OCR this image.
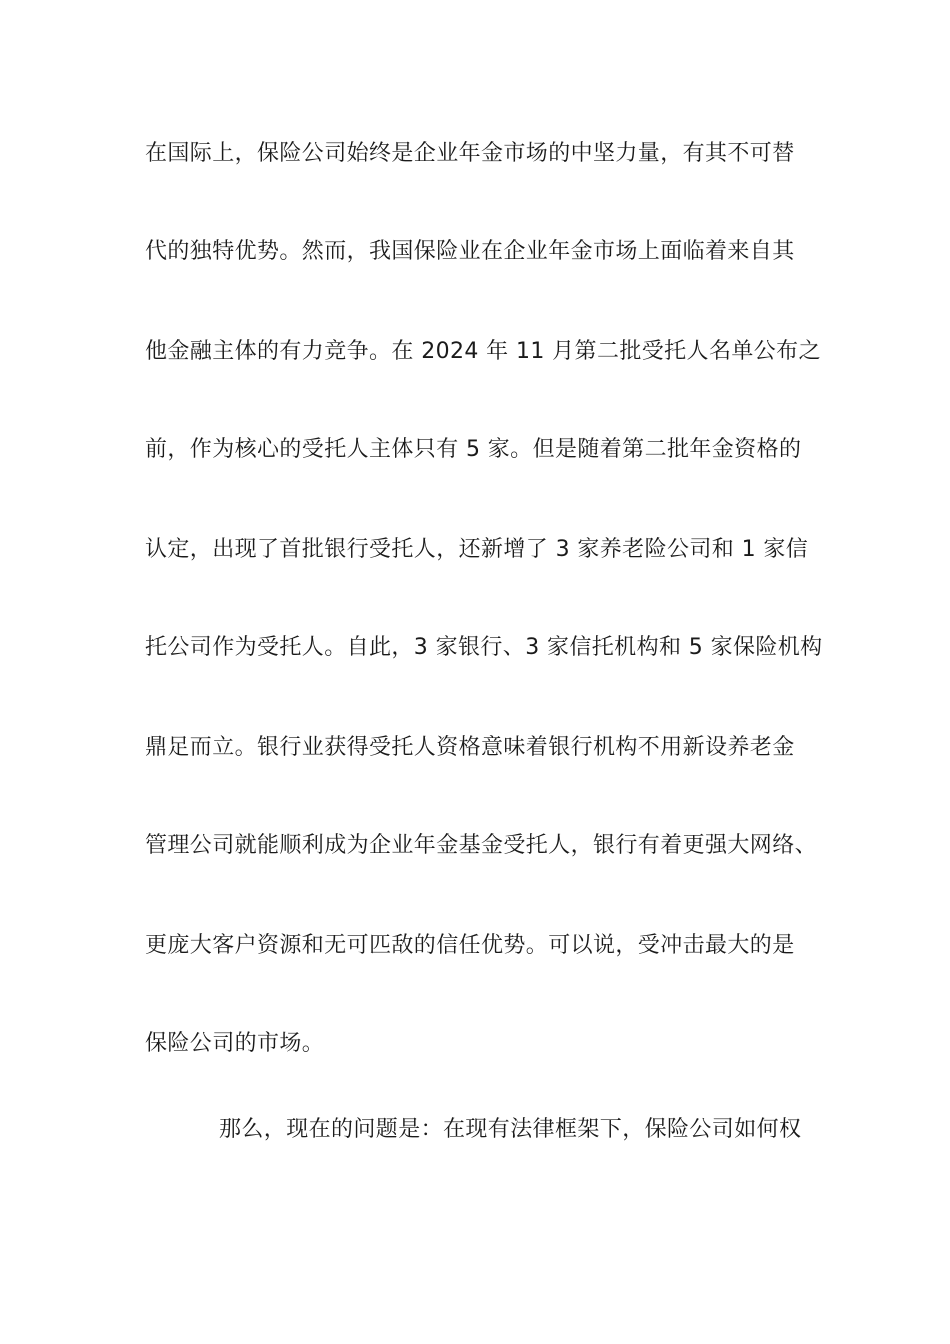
在国际上，保险公司始终是企业年金市场的中坚力量，有其不可替
代的独特优势。然而，我国保险业在企业年金市场上面临着来自其
他金融主体的有力竞争。在 2024 年 11 月第二批受托人名单公布之
前，作为核心的受托人主体只有 5 家。但是随着第二批年金资格的
认定，出现了首批银行受托人，还新增了 3 家养老险公司和 1 家信
托公司作为受托人。自此，3 家银行、3 家信托机构和 5 家保险机构
鼎足而立。银行业获得受托人资格意味着银行机构不用新设养老金
管理公司就能顺利成为企业年金基金受托人，银行有着更强大网络、
更庞大客户资源和无可匹敌的信任优势。可以说，受冲击最大的是
保险公司的市场。
那么，现在的问题是：在现有法律框架下，保险公司如何权
